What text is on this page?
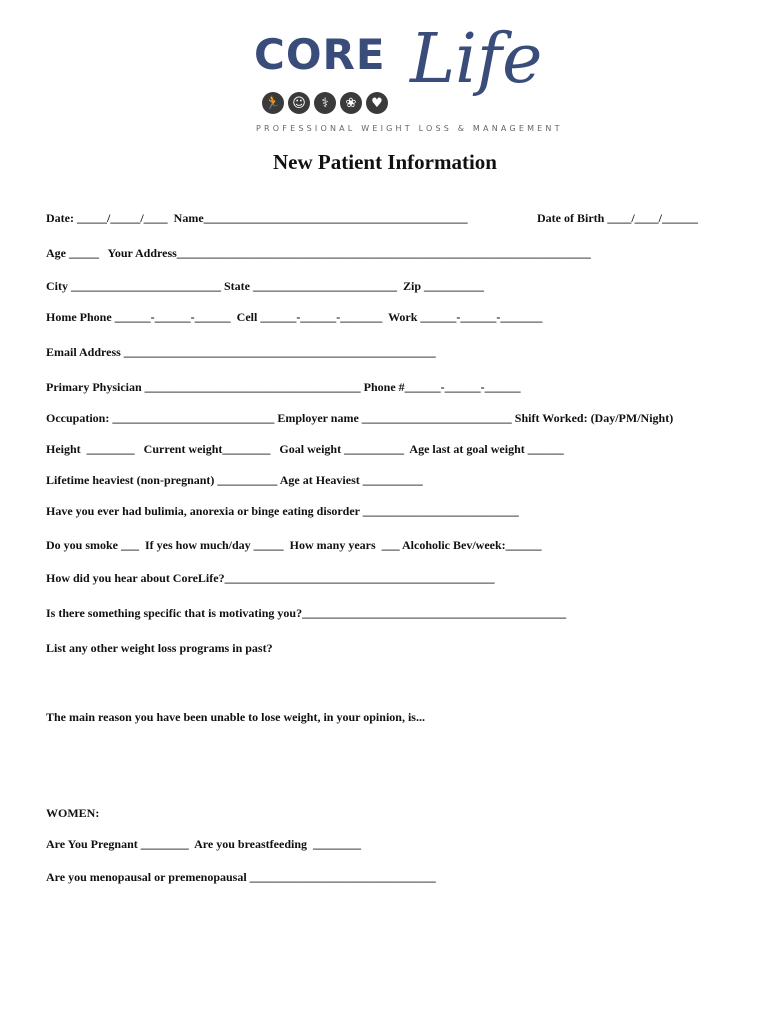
CORE Life
🏃 ☺	⚕	❀	♥
PROFESSIONAL WEIGHT LOSS & MANAGEMENT
New Patient Information
Date: _____/_____/____  Name____________________________________________	Date of Birth ____/____/______
Age _____   Your Address_____________________________________________________________________
City _________________________ State ________________________  Zip __________
Home Phone ______-______-______  Cell ______-______-_______  Work ______-______-_______
Email Address ____________________________________________________
Primary Physician ____________________________________ Phone #______-______-______
Occupation: ___________________________ Employer name _________________________ Shift Worked: (Day/PM/Night)
Height  ________   Current weight________   Goal weight __________  Age last at goal weight ______
Lifetime heaviest (non-pregnant) __________ Age at Heaviest __________
Have you ever had bulimia, anorexia or binge eating disorder __________________________
Do you smoke ___  If yes how much/day _____  How many years  ___ Alcoholic Bev/week:______
How did you hear about CoreLife?_____________________________________________
Is there something specific that is motivating you?____________________________________________
List any other weight loss programs in past?
The main reason you have been unable to lose weight, in your opinion, is...
WOMEN:
Are You Pregnant ________  Are you breastfeeding  ________
Are you menopausal or premenopausal _______________________________
